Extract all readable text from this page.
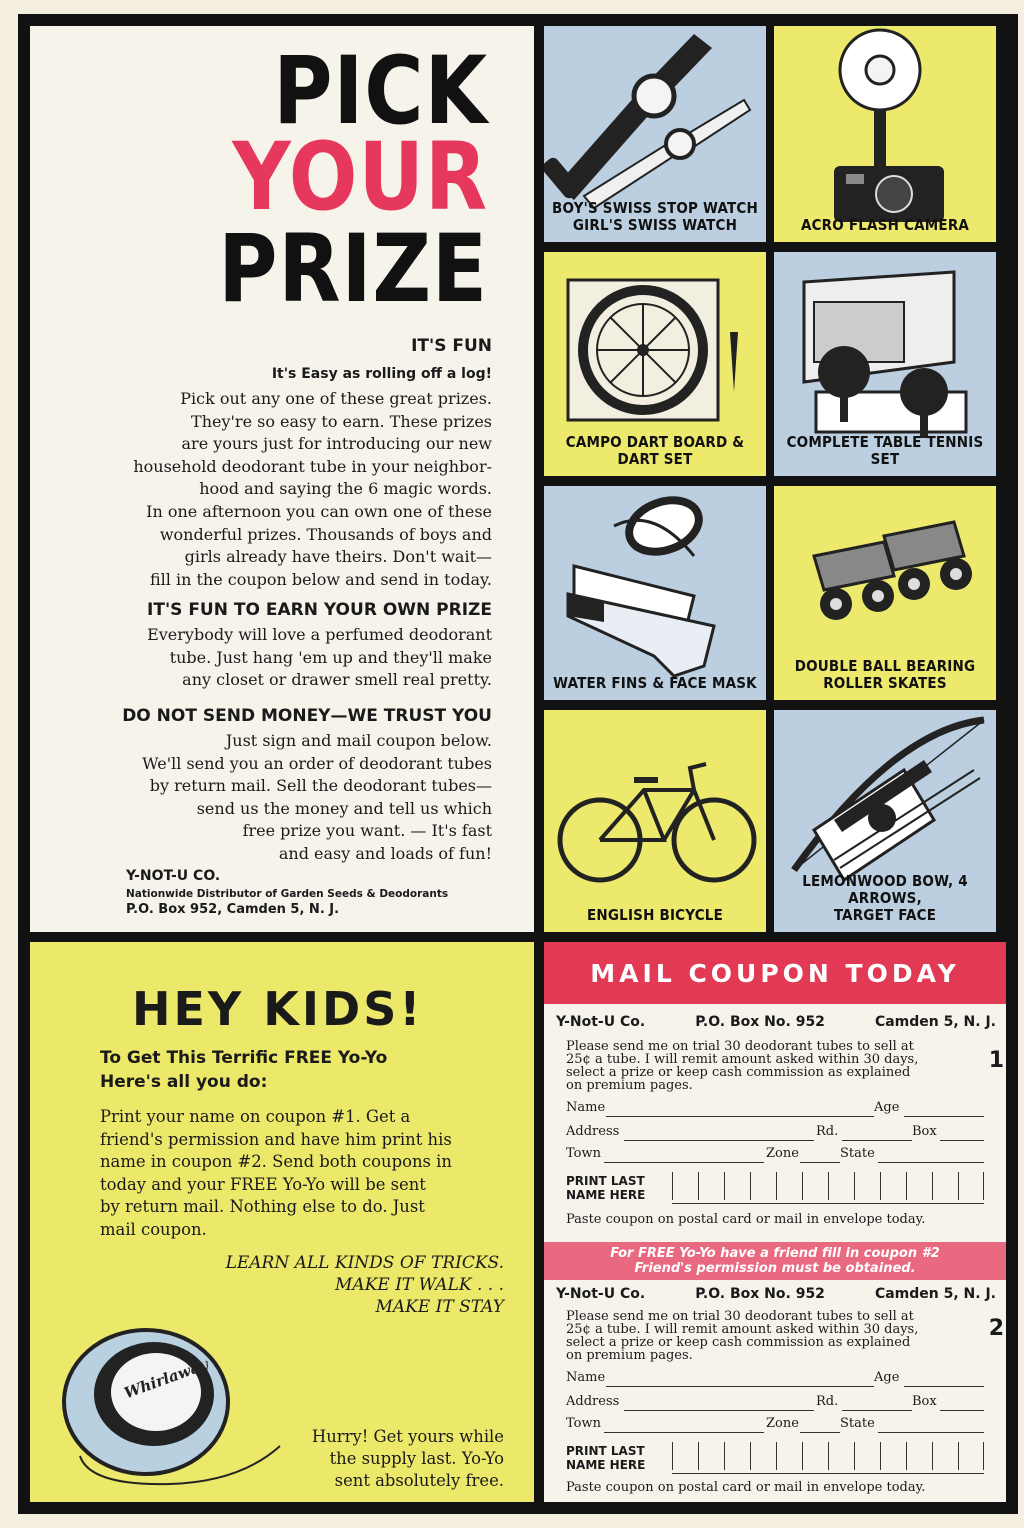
PICK
YOUR
PRIZE
IT'S FUN
It's Easy as rolling off a log!
Pick out any one of these great prizes.
They're so easy to earn. These prizes
are yours just for introducing our new
household deodorant tube in your neighbor-
hood and saying the 6 magic words.
In one afternoon you can own one of these
wonderful prizes. Thousands of boys and
girls already have theirs. Don't wait—
fill in the coupon below and send in today.
IT'S FUN TO EARN YOUR OWN PRIZE
Everybody will love a perfumed deodorant
tube. Just hang 'em up and they'll make
any closet or drawer smell real pretty.
DO NOT SEND MONEY—WE TRUST YOU
Just sign and mail coupon below.
We'll send you an order of deodorant tubes
by return mail. Sell the deodorant tubes—
send us the money and tell us which
free prize you want. — It's fast
and easy and loads of fun!
Y-NOT-U CO.
Nationwide Distributor of Garden Seeds & Deodorants
P.O. Box 952, Camden 5, N. J.
BOY'S SWISS STOP WATCH
GIRL'S SWISS WATCH	ACRO FLASH CAMERA
CAMPO DART BOARD &
DART SET
COMPLETE TABLE TENNIS SET
WATER FINS & FACE MASK
DOUBLE BALL BEARING
ROLLER SKATES
ENGLISH BICYCLE
LEMONWOOD BOW, 4 ARROWS,
TARGET FACE
HEY KIDS!
To Get This Terrific FREE Yo-Yo
Here's all you do:
Print your name on coupon #1. Get a
friend's permission and have him print his
name in coupon #2. Send both coupons in
today and your FREE Yo-Yo will be sent
by return mail. Nothing else to do. Just
mail coupon.
LEARN ALL KINDS OF TRICKS.
MAKE IT WALK . . .
MAKE IT STAY
Whirlaway
Hurry! Get yours while
the supply last. Yo-Yo
sent absolutely free.
MAIL COUPON TODAY
Y-Not-U Co.	P.O. Box No. 952	Camden 5, N. J.
Please send me on trial 30 deodorant tubes to sell at
25¢ a tube. I will remit amount asked within 30 days,
select a prize or keep cash commission as explained
on premium pages.
1
Name	Age
Address	Rd.	Box
Town	Zone	State
PRINT LAST
NAME HERE
Paste coupon on postal card or mail in envelope today.
For FREE Yo-Yo have a friend fill in coupon #2
Friend's permission must be obtained.
Y-Not-U Co.	P.O. Box No. 952	Camden 5, N. J.
Please send me on trial 30 deodorant tubes to sell at
25¢ a tube. I will remit amount asked within 30 days,
select a prize or keep cash commission as explained
on premium pages.
2
Name	Age
Address	Rd.	Box
Town	Zone	State
PRINT LAST
NAME HERE
Paste coupon on postal card or mail in envelope today.
